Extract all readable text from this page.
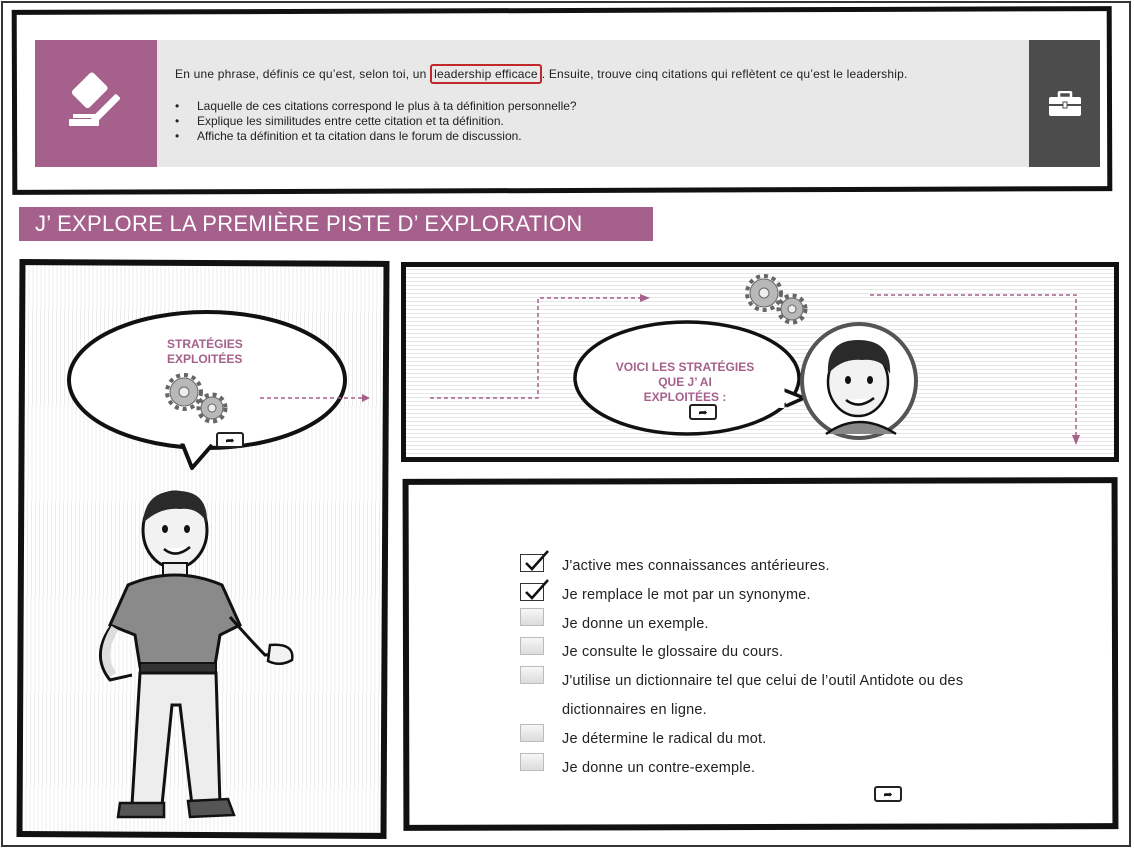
En une phrase, définis ce qu’est, selon toi, un leadership efficace . Ensuite, trouve cinq citations qui reflètent ce qu’est le leadership.
• Laquelle de ces citations correspond le plus à ta définition personnelle?
• Explique les similitudes entre cette citation et ta définition.
• Affiche ta définition et ta citation dans le forum de discussion.
J’ EXPLORE LA PREMIÈRE PISTE D’ EXPLORATION
STRATÉGIES
EXPLOITÉES
➦
VOICI LES STRATÉGIES
QUE J’ AI
EXPLOITÉES :
➦
J'active mes connaissances antérieures.
Je remplace le mot par un synonyme.
Je donne un exemple.
Je consulte le glossaire du cours.
J'utilise un dictionnaire tel que celui de l’outil Antidote ou des
dictionnaires en ligne.
Je détermine le radical du mot.
Je donne un contre-exemple.
➦
